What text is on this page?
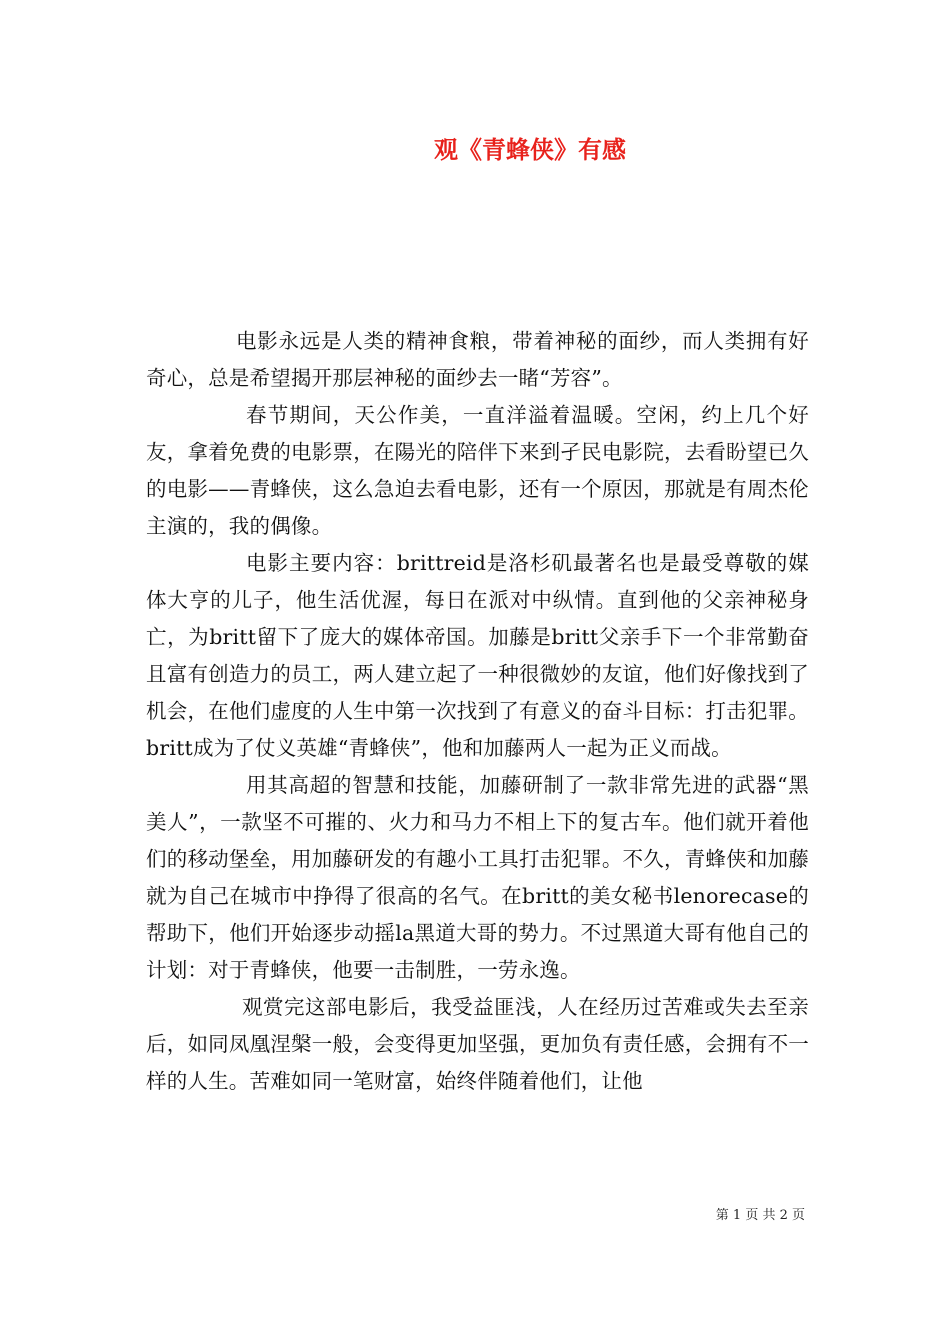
观《青蜂侠》有感

电影永远是人类的精神食粮，带着神秘的面纱，而人类拥有好奇心，总是希望揭开那层神秘的面纱去一睹“芳容”。

春节期间，天公作美，一直洋溢着温暖。空闲，约上几个好友，拿着免费的电影票，在陽光的陪伴下来到孑民电影院，去看盼望已久的电影——青蜂侠，这么急迫去看电影，还有一个原因，那就是有周杰伦主演的，我的偶像。

电影主要内容：brittreid是洛杉矶最著名也是最受尊敬的媒体大亨的儿子，他生活优渥，每日在派对中纵情。直到他的父亲神秘身亡，为britt留下了庞大的媒体帝国。加藤是britt父亲手下一个非常勤奋且富有创造力的员工，两人建立起了一种很微妙的友谊，他们好像找到了机会，在他们虚度的人生中第一次找到了有意义的奋斗目标：打击犯罪。britt成为了仗义英雄“青蜂侠”，他和加藤两人一起为正义而战。

用其高超的智慧和技能，加藤研制了一款非常先进的武器“黑美人”，一款坚不可摧的、火力和马力不相上下的复古车。他们就开着他们的移动堡垒，用加藤研发的有趣小工具打击犯罪。不久，青蜂侠和加藤就为自己在城市中挣得了很高的名气。在britt的美女秘书lenorecase的帮助下，他们开始逐步动摇la黑道大哥的势力。不过黑道大哥有他自己的计划：对于青蜂侠，他要一击制胜，一劳永逸。

观赏完这部电影后，我受益匪浅，人在经历过苦难或失去至亲后，如同凤凰涅槃一般，会变得更加坚强，更加负有责任感，会拥有不一样的人生。苦难如同一笔财富，始终伴随着他们，让他

第 1 页 共 2 页
